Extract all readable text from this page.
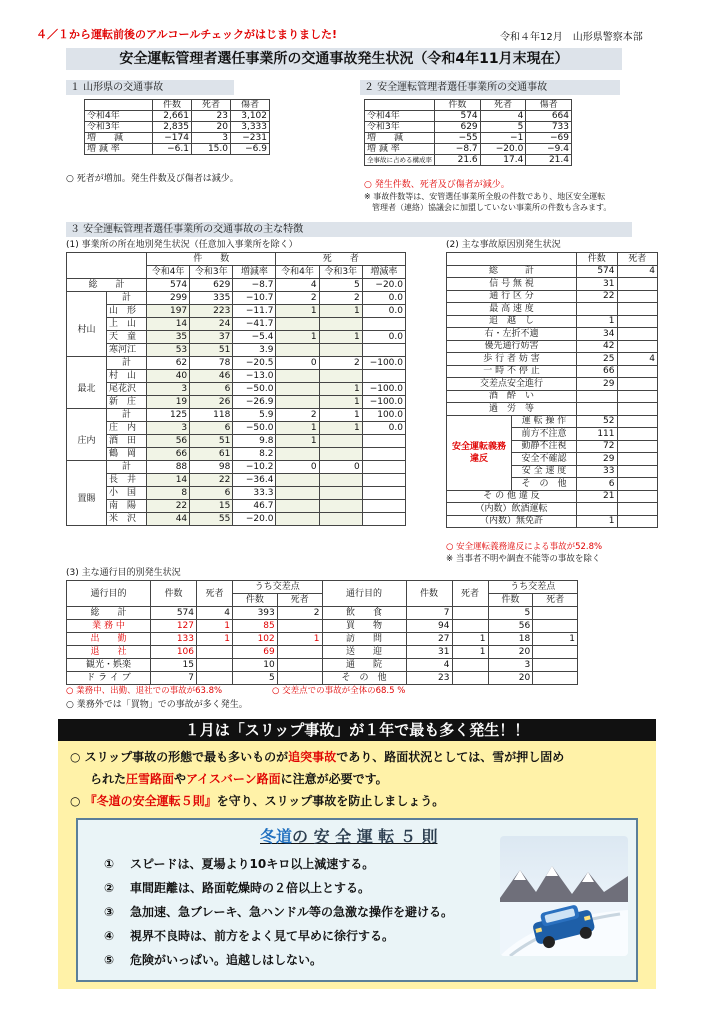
４／１から運転前後のアルコールチェックがはじまりました!	令和４年12月　山形県警察本部
安全運転管理者選任事業所の交通事故発生状況（令和4年11月末現在）
１ 山形県の交通事故
	件数	死者	傷者
令和4年	2,661	23	3,102
令和3年	2,835	20	3,333
増　　減	−174	3	−231
増 減 率	−6.1	15.0	−6.9
○ 死者が増加。発生件数及び傷者は減少。
２ 安全運転管理者選任事業所の交通事故
	件数	死者	傷者
令和4年	574	4	664
令和3年	629	5	733
増　　減	−55	−1	−69
増 減 率	−8.7	−20.0	−9.4
全事故に占める構成率	21.6	17.4	21.4
○ 発生件数、死者及び傷者が減少。
※ 事故件数等は、安管選任事業所全般の件数であり、地区安全運転
　管理者（連絡）協議会に加盟していない事業所の件数も含みます。
３ 安全運転管理者選任事業所の交通事故の主な特徴
(1) 事業所の所在地別発生状況（任意加入事業所を除く）
		件　　数			死　　者		
		令和4年	令和3年	増減率	令和4年	令和3年	増減率
総　　計		574	629	−8.7	4	5	−20.0
	計	299	335	−10.7	2	2	0.0
村山	山　形	197	223	−11.7	1	1	0.0
	上　山	14	24	−41.7			
	天　童	35	37	−5.4	1	1	0.0
	寒河江	53	51	3.9			
	計	62	78	−20.5	0	2	−100.0
最北	村　山	40	46	−13.0			
	尾花沢	3	6	−50.0		1	−100.0
	新　庄	19	26	−26.9		1	−100.0
	計	125	118	5.9	2	1	100.0
庄内	庄　内	3	6	−50.0	1	1	0.0
	酒　田	56	51	9.8	1		
	鶴　岡	66	61	8.2			
	計	88	98	−10.2	0	0	
置賜	長　井	14	22	−36.4			
	小　国	8	6	33.3			
	南　陽	22	15	46.7			
	米　沢	44	55	−20.0			
(2) 主な事故原因別発生状況
		件数	死者
総　　　計		574	4
信 号 無 視		31	
通 行 区 分		22	
最 高 速 度			
追　越　し		1	
右・左折不適		34	
優先通行妨害		42	
歩 行 者 妨 害		25	4
一 時 不 停 止		66	
交差点安全進行		29	
酒　酔　い			
過　労　等			
安全運転義務違反	運 転 操 作	52	
	前方不注意	111	
	動静不注視	72	
	安全不確認	29	
	安 全 速 度	33	
	そ　の　他	6	
そ の 他 違 反		21	
（内数）飲酒運転			
（内数）無免許		1	
○ 安全運転義務違反による事故が52.8%
※ 当事者不明や調査不能等の事故を除く
(3) 主な通行目的別発生状況
通行目的	件数	死者	うち交差点		通行目的	件数	死者	うち交差点	
			件数	死者				件数	死者
総　　計	574	4	393	2	飲　　食	7		5	
業 務 中	127	1	85		買　　物	94		56	
出　　勤	133	1	102	1	訪　　問	27	1	18	1
退　　社	106		69		送　　迎	31	1	20	
観光・娯楽	15		10		通　　院	4		3	
ド ラ イ ブ	7		5		そ　の　他	23		20	
○ 業務中、出勤、退社での事故が63.8%	○ 交差点での事故が全体の68.5 %
○ 業務外では「買物」での事故が多く発生。
１月は「スリップ事故」が１年で最も多く発生！！
○ スリップ事故の形態で最も多いものが追突事故であり、路面状況としては、雪が押し固め
られた圧雪路面やアイスバーン路面に注意が必要です。
○ 『冬道の安全運転５則』を守り、スリップ事故を防止しましょう。
冬道の 安 全 運 転 ５ 則
① スピードは、夏場より10キロ以上減速する。
② 車間距離は、路面乾燥時の２倍以上とする。
③ 急加速、急ブレーキ、急ハンドル等の急激な操作を避ける。
④ 視界不良時は、前方をよく見て早めに徐行する。
⑤ 危険がいっぱい。追越しはしない。
